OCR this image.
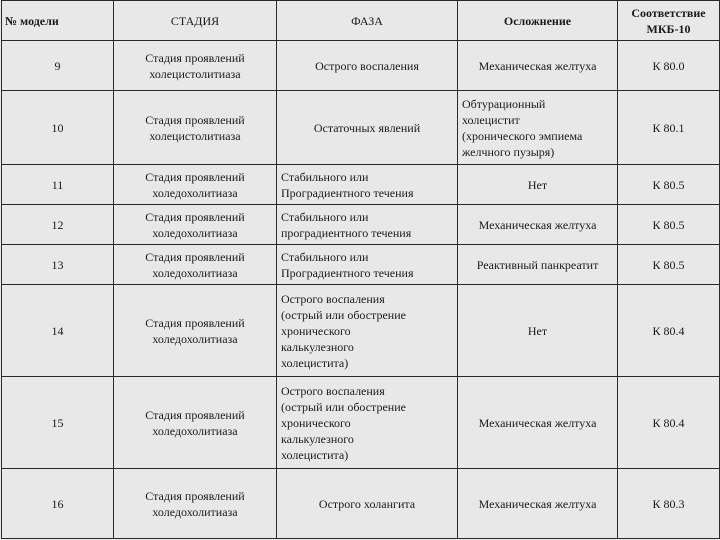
№ модели	СТАДИЯ	ФАЗА	Осложнение	Соответствие
МКБ-10
9	Стадия проявлений
холецистолитиаза	Острого воспаления	Механическая желтуха	К 80.0
10	Стадия проявлений
холецистолитиаза	Остаточных явлений	Обтурационный
холецистит
(хронического эмпиема
желчного пузыря)	К 80.1
11	Стадия проявлений
холедохолитиаза	Стабильного или
Проградиентного течения	Нет	К 80.5
12	Стадия проявлений
холедохолитиаза	Стабильного или
проградиентного течения	Механическая желтуха	К 80.5
13	Стадия проявлений
холедохолитиаза	Стабильного или
Проградиентного течения	Реактивный панкреатит	К 80.5
14	Стадия проявлений
холедохолитиаза	Острого воспаления
(острый или обострение
хронического
калькулезного
холецистита)	Нет	К 80.4
15	Стадия проявлений
холедохолитиаза	Острого воспаления
(острый или обострение
хронического
калькулезного
холецистита)	Механическая желтуха	К 80.4
16	Стадия проявлений
холедохолитиаза	Острого холангита	Механическая желтуха	К 80.3
